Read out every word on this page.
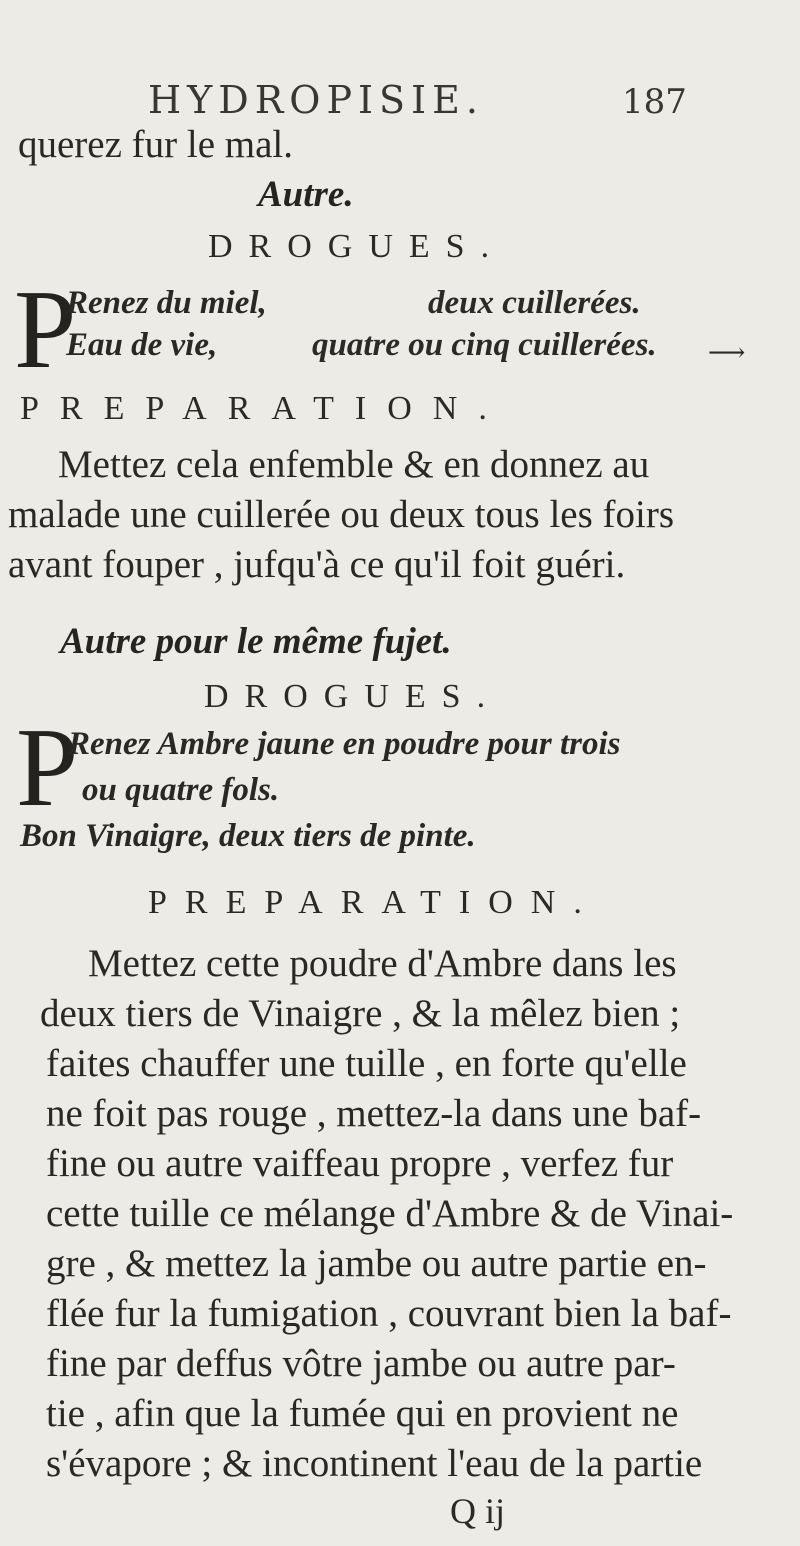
HYDROPISIE.	187
querez fur le mal.
Autre.
DROGUES.
P
Renez du miel,	deux cuillerées.
Eau de vie,	quatre ou cinq cuillerées. ⟶
PREPARATION.
Mettez cela enfemble & en donnez au
malade une cuillerée ou deux tous les foirs
avant fouper , jufqu'à ce qu'il foit guéri.
Autre pour le même fujet.
DROGUES.
P
Renez Ambre jaune en poudre pour trois
ou quatre fols.
Bon Vinaigre, deux tiers de pinte.
PREPARATION.
Mettez cette poudre d'Ambre dans les
deux tiers de Vinaigre , & la mêlez bien ;
faites chauffer une tuille , en forte qu'elle
ne foit pas rouge , mettez-la dans une baf-
fine ou autre vaiffeau propre , verfez fur
cette tuille ce mélange d'Ambre & de Vinai-
gre , & mettez la jambe ou autre partie en-
flée fur la fumigation , couvrant bien la baf-
fine par deffus vôtre jambe ou autre par-
tie , afin que la fumée qui en provient ne
s'évapore ; & incontinent l'eau de la partie
Q ij
